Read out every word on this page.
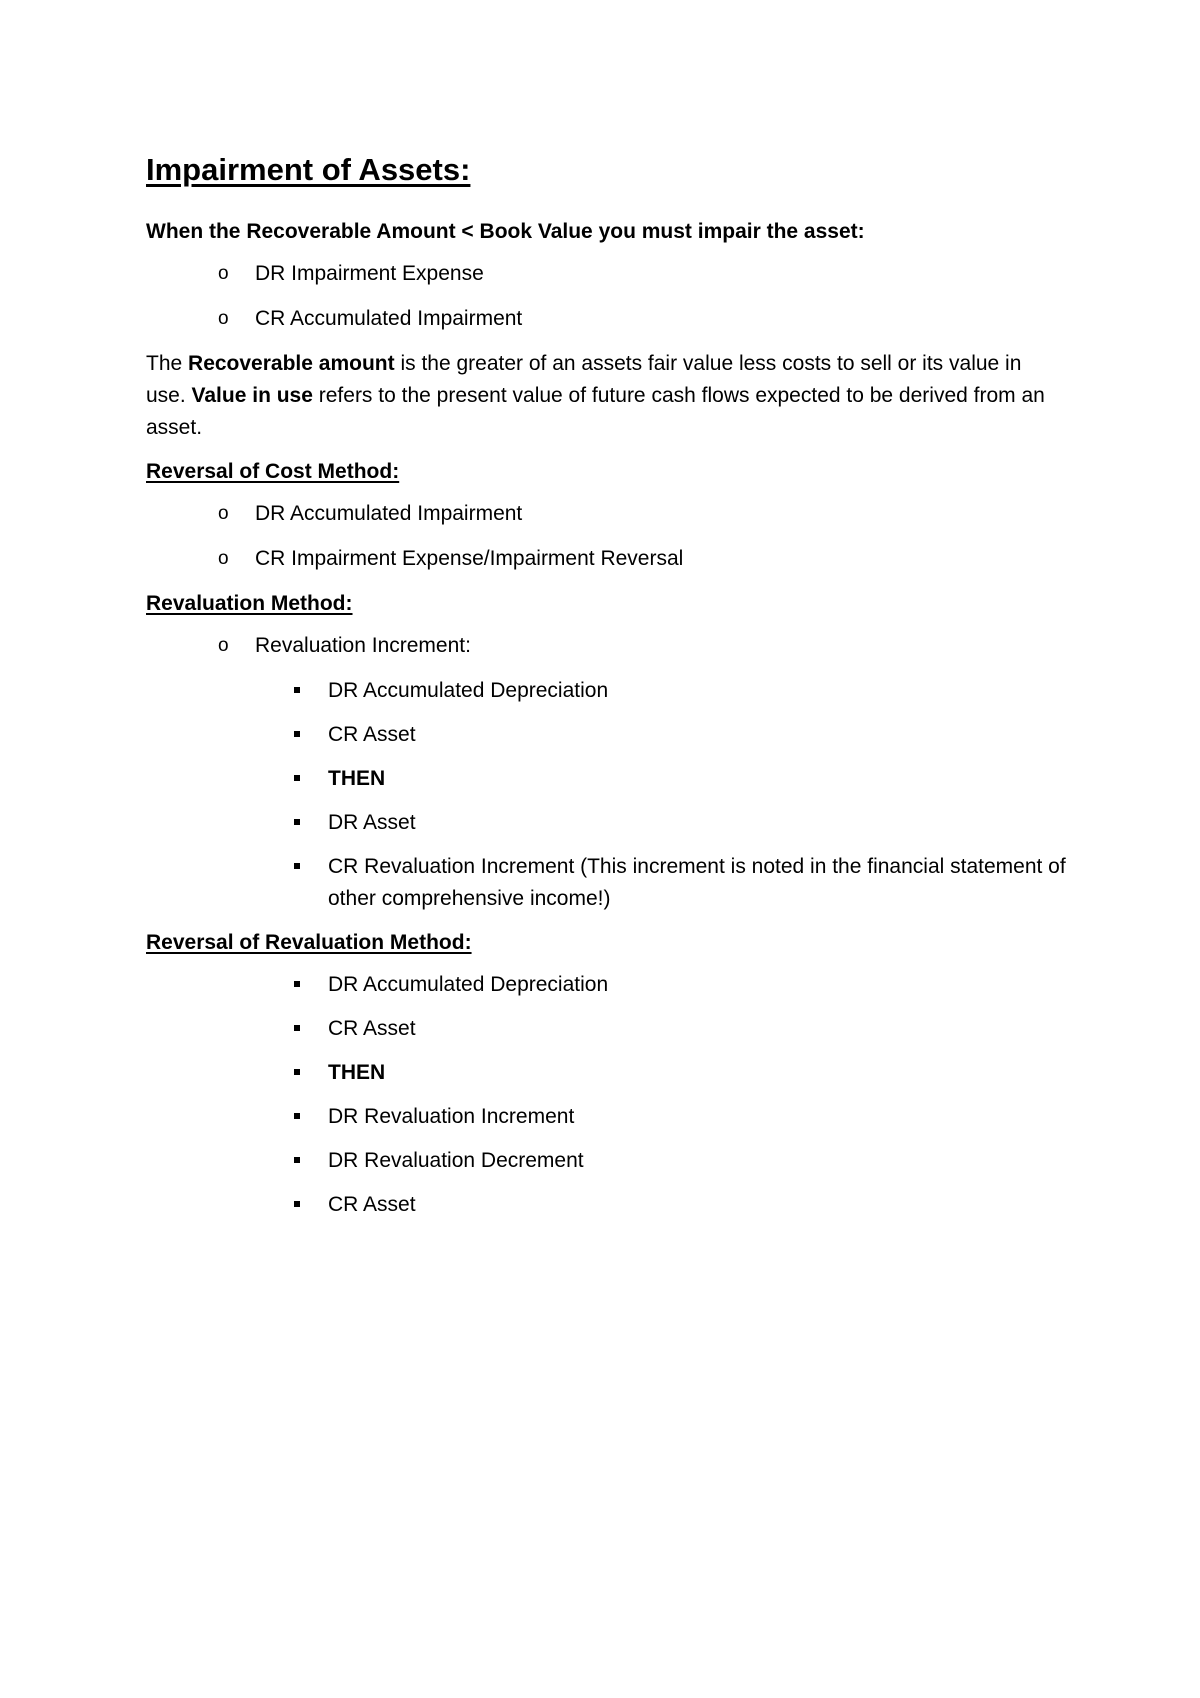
Impairment of Assets:

When the Recoverable Amount < Book Value you must impair the asset:

o DR Impairment Expense
o CR Accumulated Impairment

The Recoverable amount is the greater of an assets fair value less costs to sell or its value in use. Value in use refers to the present value of future cash flows expected to be derived from an asset.

Reversal of Cost Method:
o DR Accumulated Impairment
o CR Impairment Expense/Impairment Reversal
Revaluation Method:
o Revaluation Increment:
DR Accumulated Depreciation
CR Asset
THEN
DR Asset
CR Revaluation Increment (This increment is noted in the financial statement of other comprehensive income!)
Reversal of Revaluation Method:
DR Accumulated Depreciation
CR Asset
THEN
DR Revaluation Increment
DR Revaluation Decrement
CR Asset
